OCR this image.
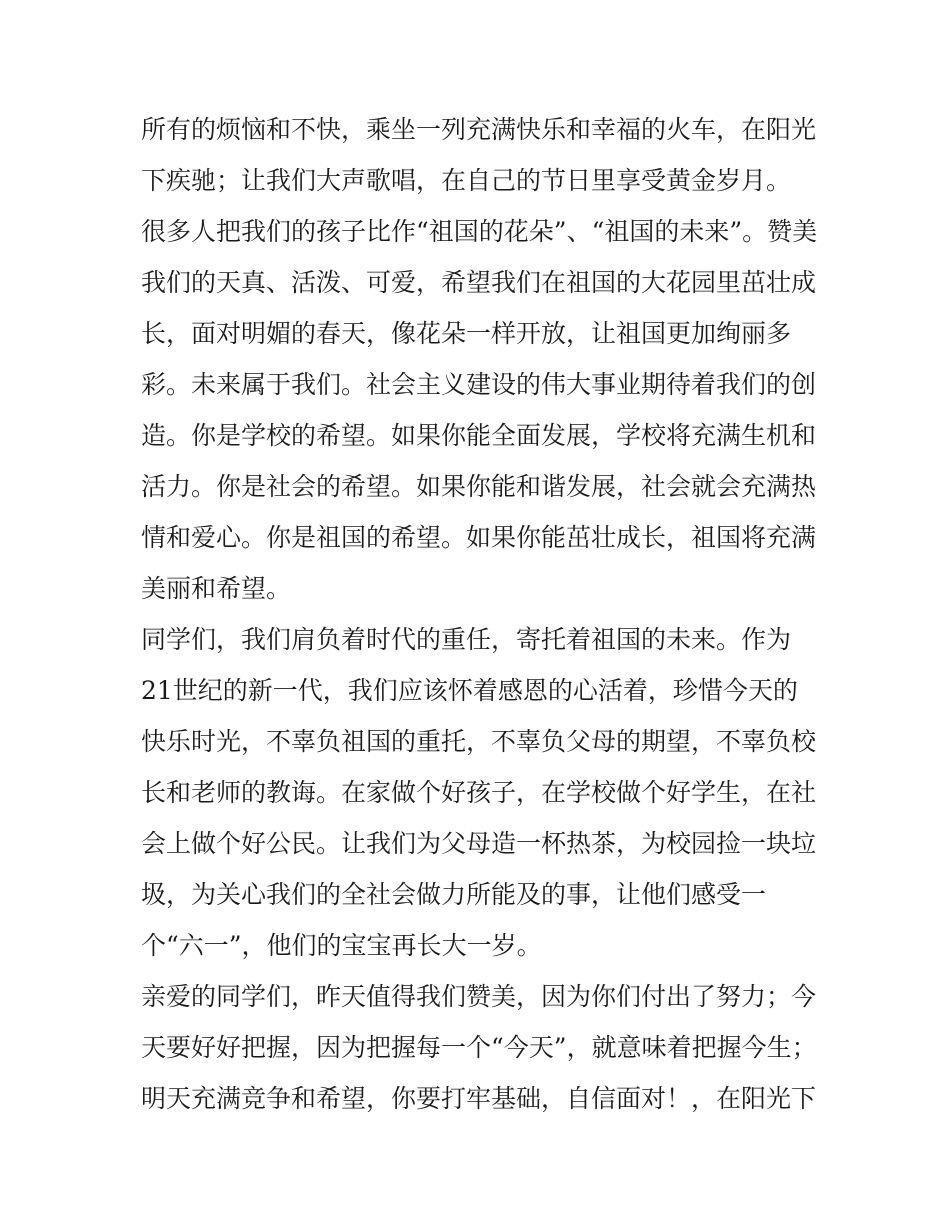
所有的烦恼和不快，乘坐一列充满快乐和幸福的火车，在阳光
下疾驰；让我们大声歌唱，在自己的节日里享受黄金岁月。
很多人把我们的孩子比作“祖国的花朵”、“祖国的未来”。赞美
我们的天真、活泼、可爱，希望我们在祖国的大花园里茁壮成
长，面对明媚的春天，像花朵一样开放，让祖国更加绚丽多
彩。未来属于我们。社会主义建设的伟大事业期待着我们的创
造。你是学校的希望。如果你能全面发展，学校将充满生机和
活力。你是社会的希望。如果你能和谐发展，社会就会充满热
情和爱心。你是祖国的希望。如果你能茁壮成长，祖国将充满
美丽和希望。
同学们，我们肩负着时代的重任，寄托着祖国的未来。作为
21世纪的新一代，我们应该怀着感恩的心活着，珍惜今天的
快乐时光，不辜负祖国的重托，不辜负父母的期望，不辜负校
长和老师的教诲。在家做个好孩子，在学校做个好学生，在社
会上做个好公民。让我们为父母造一杯热茶，为校园捡一块垃
圾，为关心我们的全社会做力所能及的事，让他们感受一
个“六一”，他们的宝宝再长大一岁。
亲爱的同学们，昨天值得我们赞美，因为你们付出了努力；今
天要好好把握，因为把握每一个“今天”，就意味着把握今生；
明天充满竞争和希望，你要打牢基础，自信面对！，在阳光下
